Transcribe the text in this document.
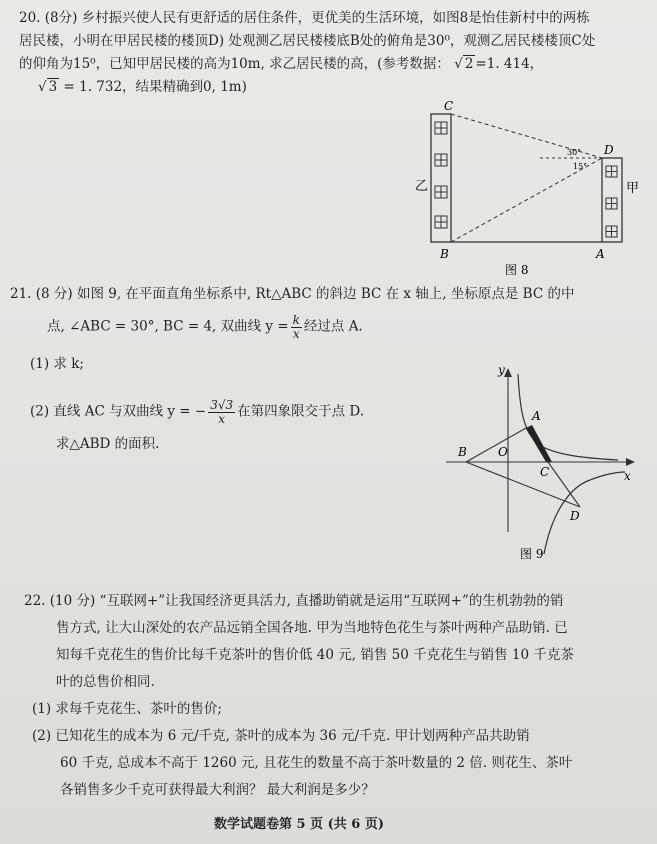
20. (8分) 乡村振兴使人民有更舒适的居住条件，更优美的生活环境，如图8是怡佳新村中的两栋
居民楼，小明在甲居民楼的楼顶D) 处观测乙居民楼楼底B处的俯角是30⁰，观测乙居民楼楼顶C处
的仰角为15⁰，已知甲居民楼的高为10m, 求乙居民楼的高，(参考数据： √ 2 =1. 414，
√ 3 = 1. 732，结果精确到0, 1m)
C
D
B	A
乙	甲
30°
15°
图 8
21. (8 分) 如图 9, 在平面直角坐标系中, Rt△ABC 的斜边 BC 在 x 轴上, 坐标原点是 BC 的中
点, ∠ABC = 30°, BC = 4, 双曲线 $y = \frac{k}{x}$ 经过点 A.
(1) 求 k;
(2) 直线 AC 与双曲线 y = − $\frac{3√3}{x}$ 在第四象限交于点 D.
求△ABD 的面积.
y
x
A
B	O
C
D
图 9
22. (10 分) “互联网+”让我国经济更具活力, 直播助销就是运用“互联网+”的生机勃勃的销
售方式, 让大山深处的农产品远销全国各地. 甲为当地特色花生与茶叶两种产品助销. 已
知每千克花生的售价比每千克茶叶的售价低 40 元, 销售 50 千克花生与销售 10 千克茶
叶的总售价相同.
(1) 求每千克花生、茶叶的售价;
(2) 已知花生的成本为 6 元/千克, 茶叶的成本为 36 元/千克. 甲计划两种产品共助销
60 千克, 总成本不高于 1260 元, 且花生的数量不高于茶叶数量的 2 倍. 则花生、茶叶
各销售多少千克可获得最大利润？ 最大利润是多少？
数学试题卷第 5 页 (共 6 页)
